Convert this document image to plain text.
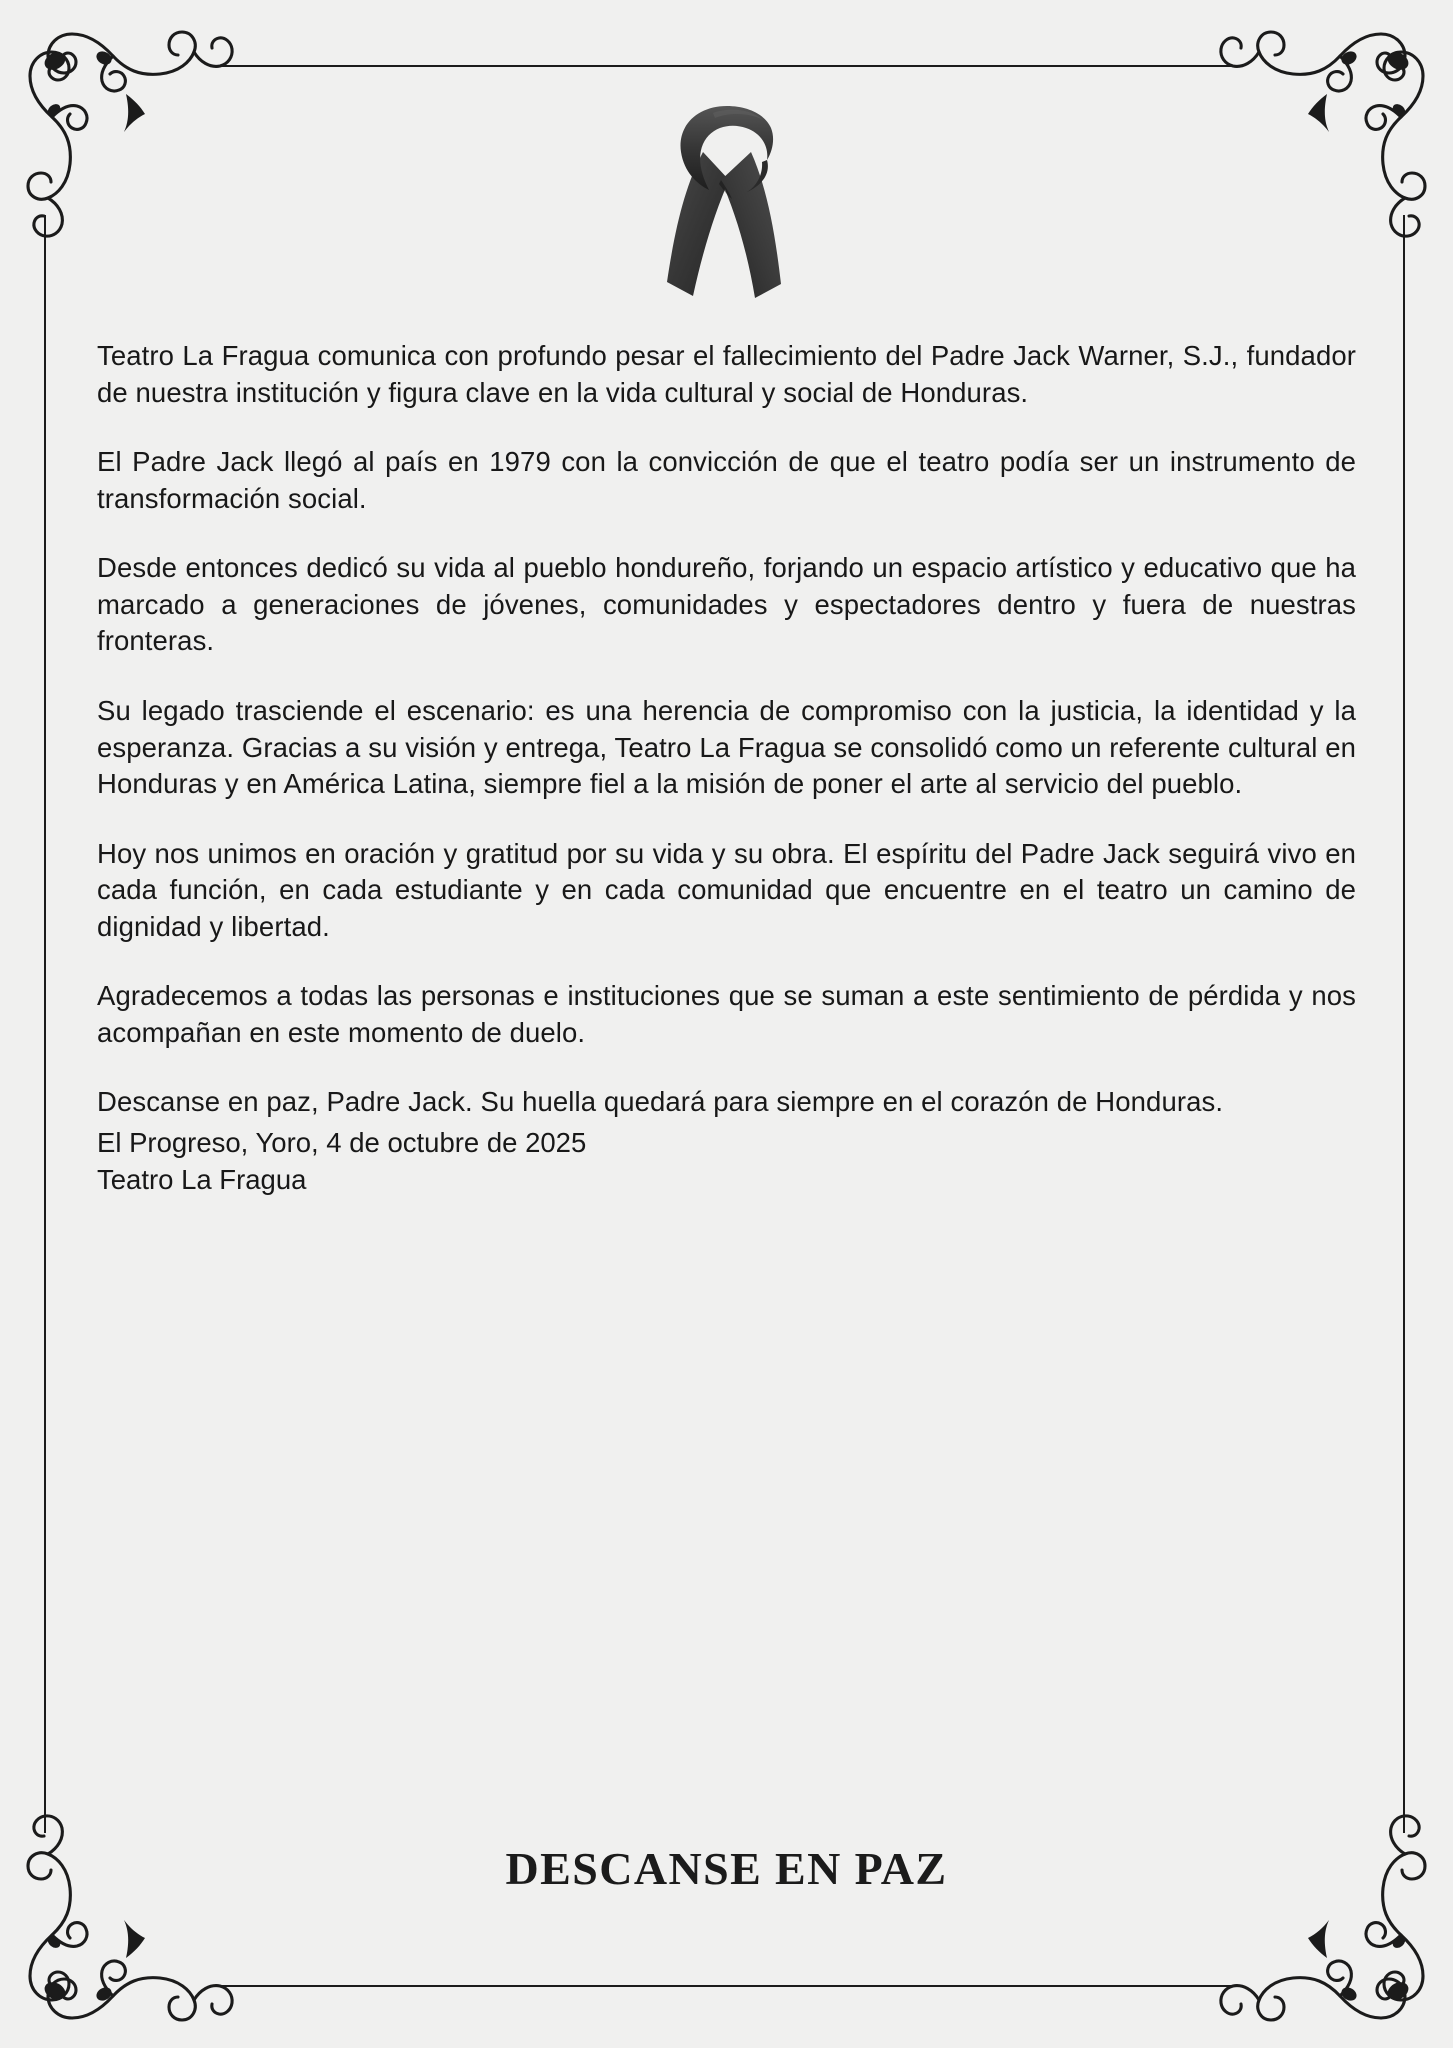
Teatro La Fragua comunica con profundo pesar el fallecimiento del Padre Jack Warner, S.J., fundador de nuestra institución y figura clave en la vida cultural y social de Honduras.

El Padre Jack llegó al país en 1979 con la convicción de que el teatro podía ser un instrumento de transformación social.

Desde entonces dedicó su vida al pueblo hondureño, forjando un espacio artístico y educativo que ha marcado a generaciones de jóvenes, comunidades y espectadores dentro y fuera de nuestras fronteras.

Su legado trasciende el escenario: es una herencia de compromiso con la justicia, la identidad y la esperanza. Gracias a su visión y entrega, Teatro La Fragua se consolidó como un referente cultural en Honduras y en América Latina, siempre fiel a la misión de poner el arte al servicio del pueblo.

Hoy nos unimos en oración y gratitud por su vida y su obra. El espíritu del Padre Jack seguirá vivo en cada función, en cada estudiante y en cada comunidad que encuentre en el teatro un camino de dignidad y libertad.

Agradecemos a todas las personas e instituciones que se suman a este sentimiento de pérdida y nos acompañan en este momento de duelo.

Descanse en paz, Padre Jack. Su huella quedará para siempre en el corazón de Honduras.

El Progreso, Yoro, 4 de octubre de 2025
Teatro La Fragua
DESCANSE EN PAZ
